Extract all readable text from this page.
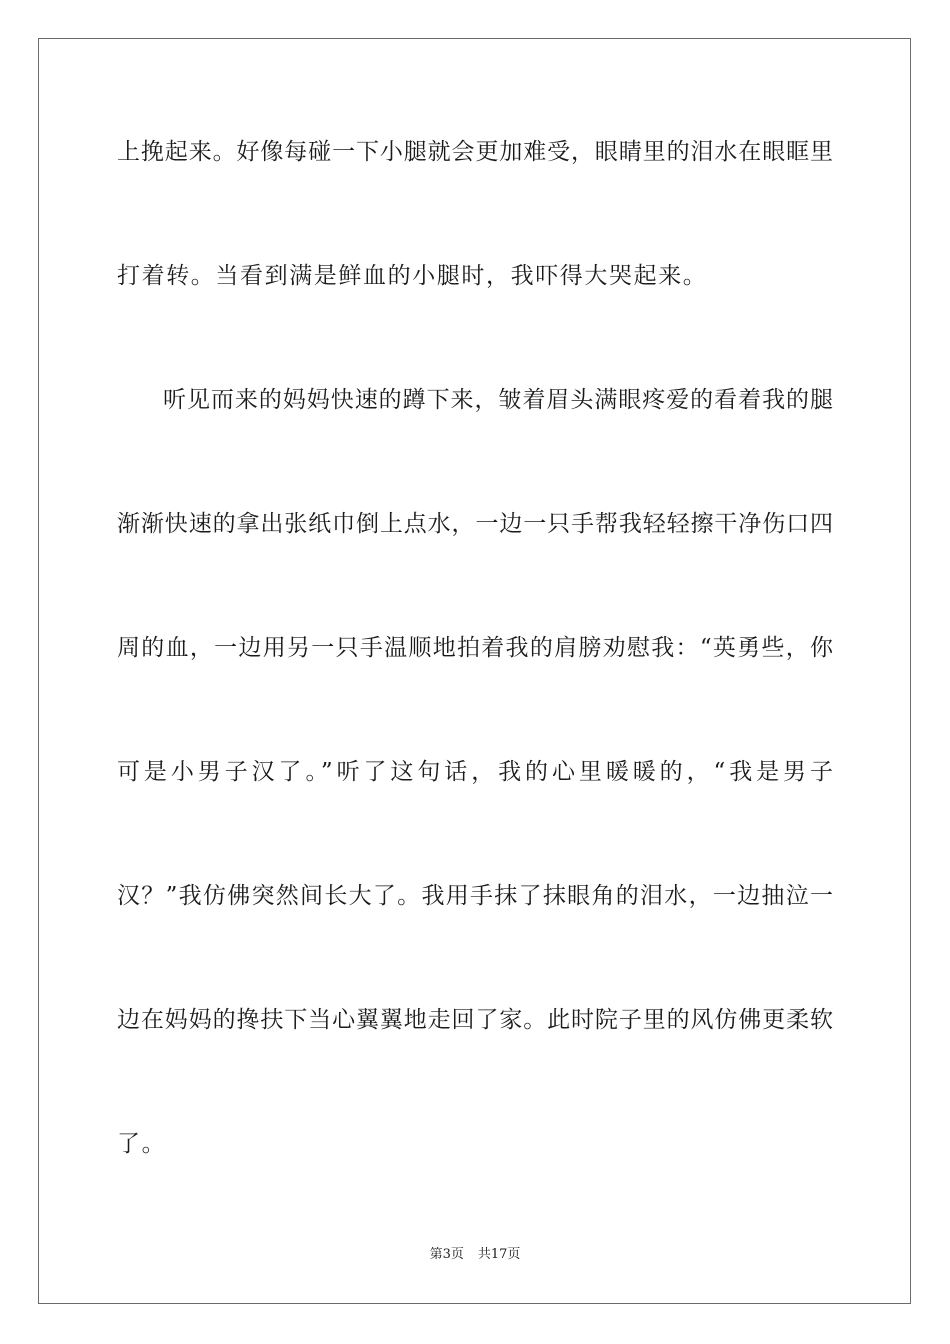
上挽起来。好像每碰一下小腿就会更加难受，眼睛里的泪水在眼眶里
打着转。当看到满是鲜血的小腿时，我吓得大哭起来。
听见而来的妈妈快速的蹲下来，皱着眉头满眼疼爱的看着我的腿
渐渐快速的拿出张纸巾倒上点水，一边一只手帮我轻轻擦干净伤口四
周的血，一边用另一只手温顺地拍着我的肩膀劝慰我：“英勇些，你
可是小男子汉了。”听了这句话，我的心里暖暖的，“我是男子
汉？”我仿佛突然间长大了。我用手抹了抹眼角的泪水，一边抽泣一
边在妈妈的搀扶下当心翼翼地走回了家。此时院子里的风仿佛更柔软
了。
第3页 共17页
